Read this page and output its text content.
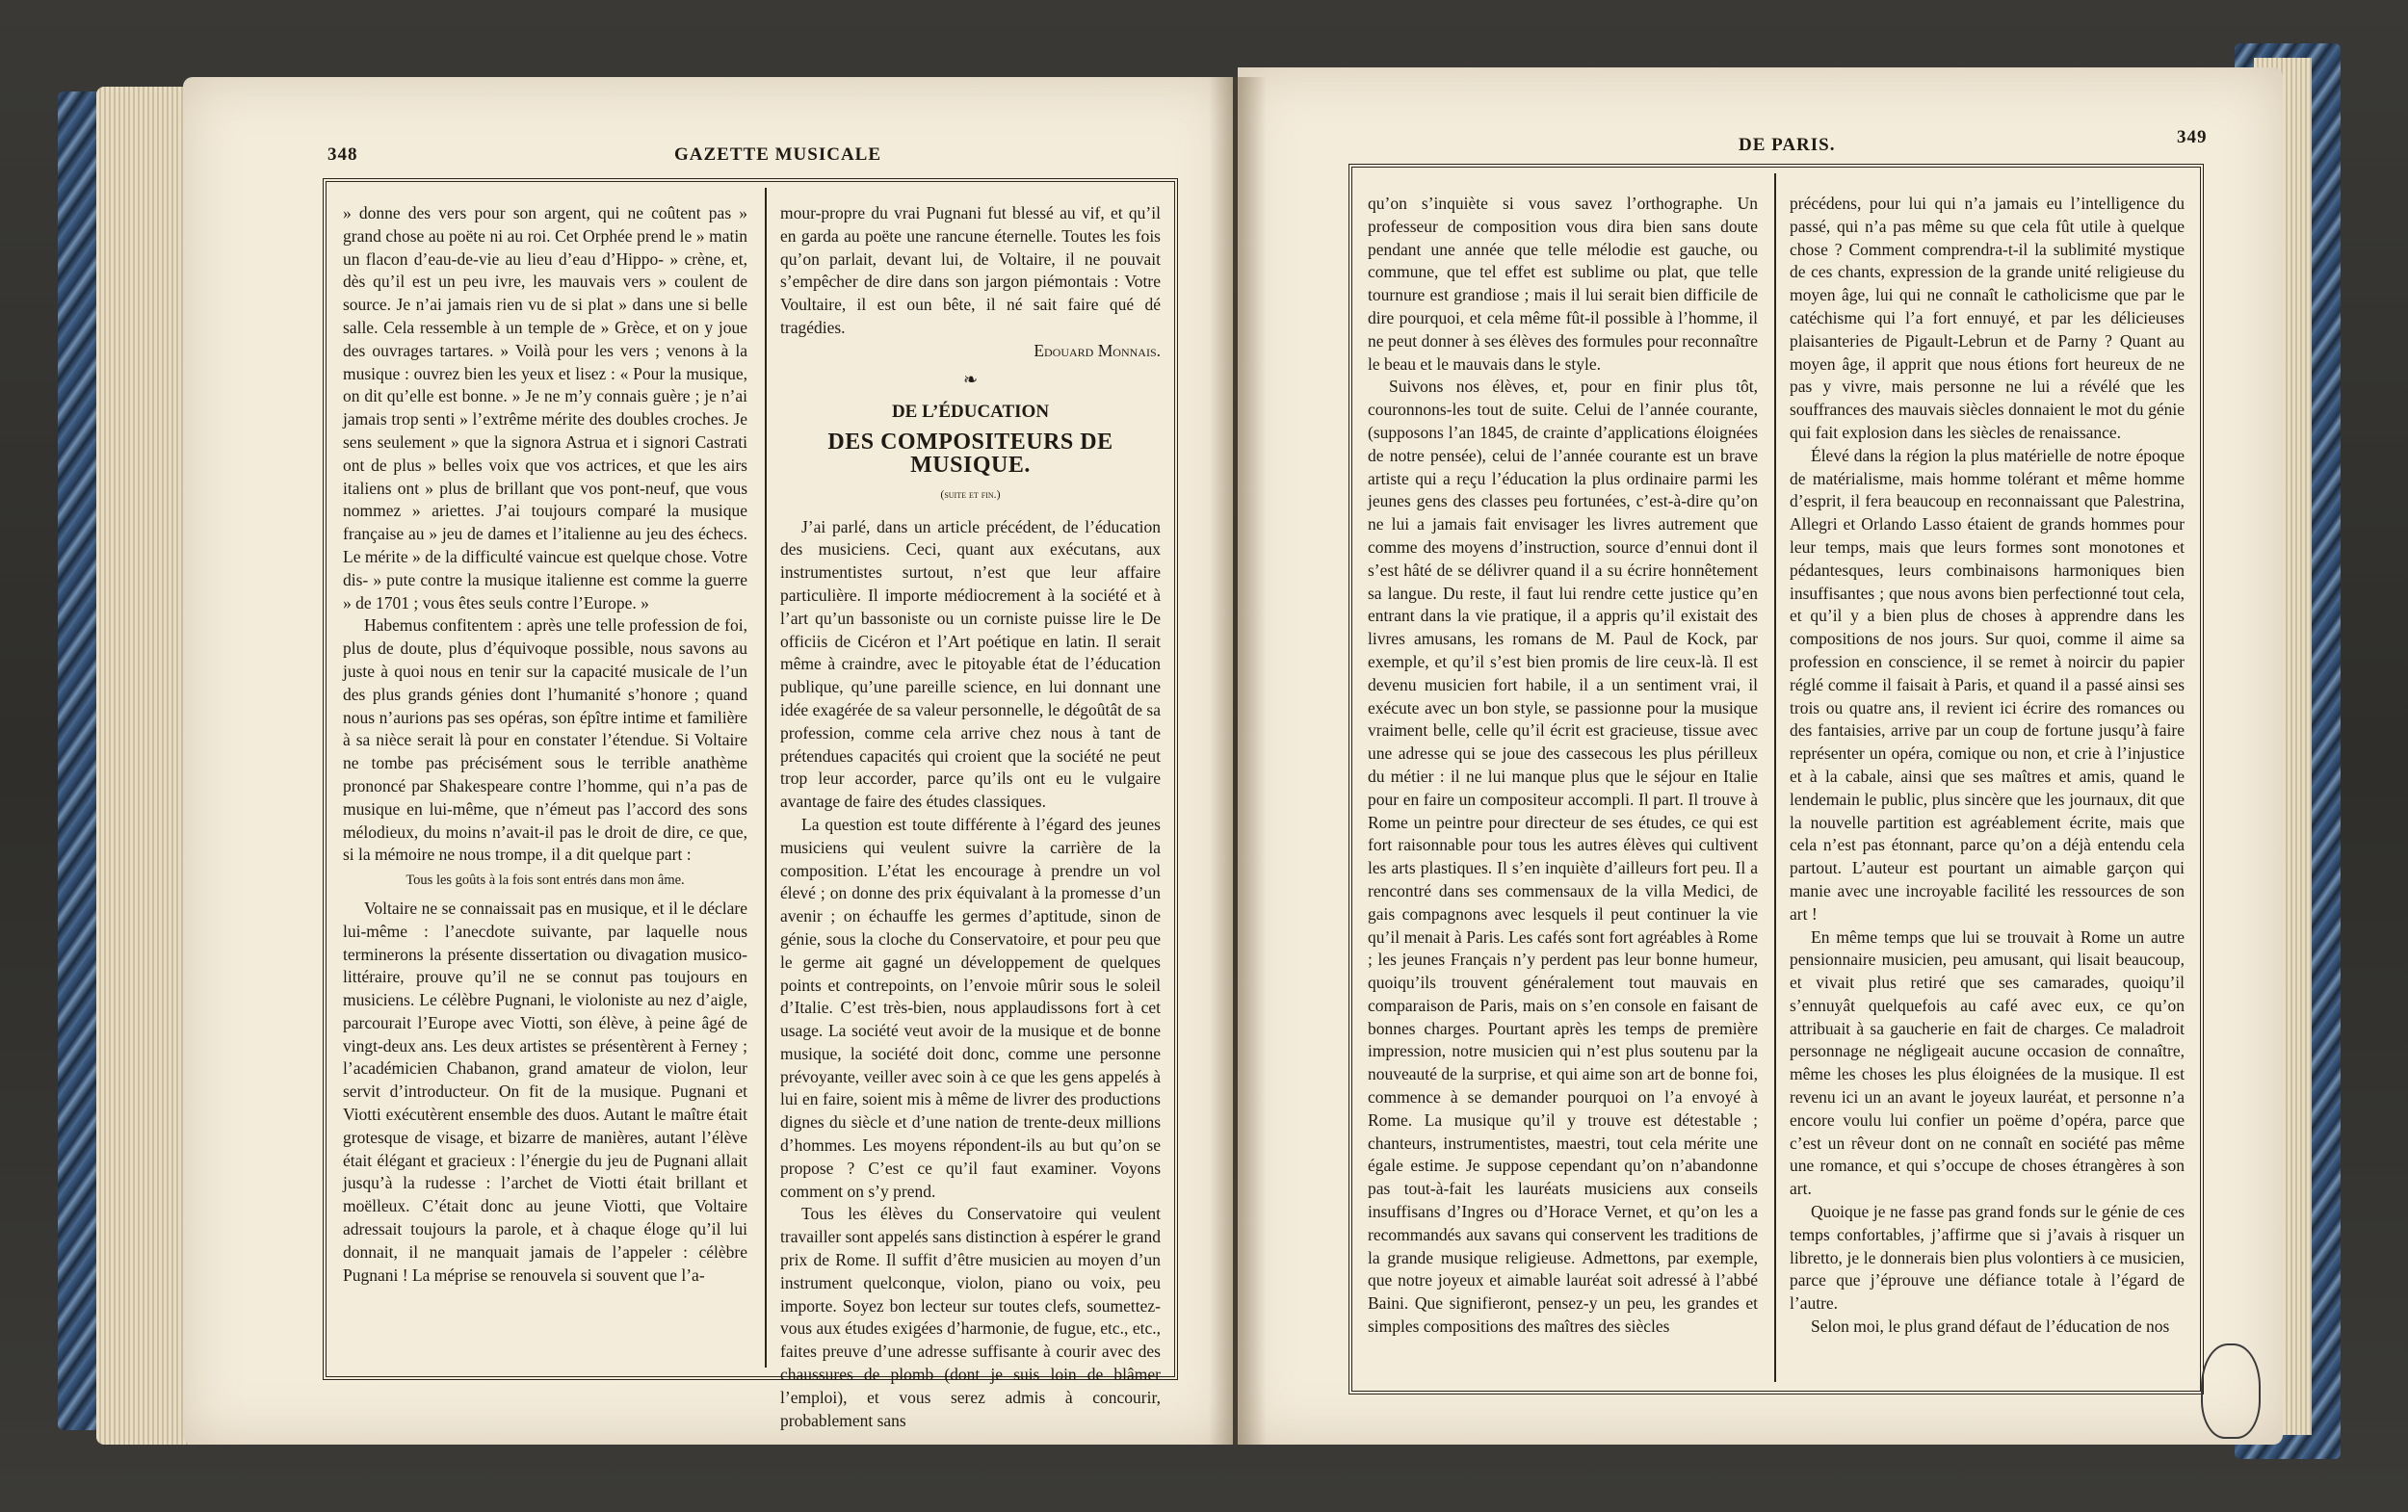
348	GAZETTE MUSICALE	DE PARIS.	349

» donne des vers pour son argent, qui ne coûtent pas » grand chose au poëte ni au roi. Cet Orphée prend le » matin un flacon d’eau-de-vie au lieu d’eau d’Hippo- » crène, et, dès qu’il est un peu ivre, les mauvais vers » coulent de source. Je n’ai jamais rien vu de si plat » dans une si belle salle. Cela ressemble à un temple de » Grèce, et on y joue des ouvrages tartares. » Voilà pour les vers ; venons à la musique : ouvrez bien les yeux et lisez : « Pour la musique, on dit qu’elle est bonne. » Je ne m’y connais guère ; je n’ai jamais trop senti » l’extrême mérite des doubles croches. Je sens seulement » que la signora Astrua et i signori Castrati ont de plus » belles voix que vos actrices, et que les airs italiens ont » plus de brillant que vos pont-neuf, que vous nommez » ariettes. J’ai toujours comparé la musique française au » jeu de dames et l’italienne au jeu des échecs. Le mérite » de la difficulté vaincue est quelque chose. Votre dis- » pute contre la musique italienne est comme la guerre » de 1701 ; vous êtes seuls contre l’Europe. »

Habemus confitentem : après une telle profession de foi, plus de doute, plus d’équivoque possible, nous savons au juste à quoi nous en tenir sur la capacité musicale de l’un des plus grands génies dont l’humanité s’honore ; quand nous n’aurions pas ses opéras, son épître intime et familière à sa nièce serait là pour en constater l’étendue. Si Voltaire ne tombe pas précisément sous le terrible anathème prononcé par Shakespeare contre l’homme, qui n’a pas de musique en lui-même, que n’émeut pas l’accord des sons mélodieux, du moins n’avait-il pas le droit de dire, ce que, si la mémoire ne nous trompe, il a dit quelque part :

Tous les goûts à la fois sont entrés dans mon âme.

Voltaire ne se connaissait pas en musique, et il le déclare lui-même : l’anecdote suivante, par laquelle nous terminerons la présente dissertation ou divagation musico-littéraire, prouve qu’il ne se connut pas toujours en musiciens. Le célèbre Pugnani, le violoniste au nez d’aigle, parcourait l’Europe avec Viotti, son élève, à peine âgé de vingt-deux ans. Les deux artistes se présentèrent à Ferney ; l’académicien Chabanon, grand amateur de violon, leur servit d’introducteur. On fit de la musique. Pugnani et Viotti exécutèrent ensemble des duos. Autant le maître était grotesque de visage, et bizarre de manières, autant l’élève était élégant et gracieux : l’énergie du jeu de Pugnani allait jusqu’à la rudesse : l’archet de Viotti était brillant et moëlleux. C’était donc au jeune Viotti, que Voltaire adressait toujours la parole, et à chaque éloge qu’il lui donnait, il ne manquait jamais de l’appeler : célèbre Pugnani ! La méprise se renouvela si souvent que l’a-

mour-propre du vrai Pugnani fut blessé au vif, et qu’il en garda au poëte une rancune éternelle. Toutes les fois qu’on parlait, devant lui, de Voltaire, il ne pouvait s’empêcher de dire dans son jargon piémontais : Votre Voultaire, il est oun bête, il né sait faire qué dé tragédies.

Edouard Monnais.

❧

DE L’ÉDUCATION

DES COMPOSITEURS DE MUSIQUE.

(suite et fin.)

J’ai parlé, dans un article précédent, de l’éducation des musiciens. Ceci, quant aux exécutans, aux instrumentistes surtout, n’est que leur affaire particulière. Il importe médiocrement à la société et à l’art qu’un bassoniste ou un corniste puisse lire le De officiis de Cicéron et l’Art poétique en latin. Il serait même à craindre, avec le pitoyable état de l’éducation publique, qu’une pareille science, en lui donnant une idée exagérée de sa valeur personnelle, le dégoûtât de sa profession, comme cela arrive chez nous à tant de prétendues capacités qui croient que la société ne peut trop leur accorder, parce qu’ils ont eu le vulgaire avantage de faire des études classiques.

La question est toute différente à l’égard des jeunes musiciens qui veulent suivre la carrière de la composition. L’état les encourage à prendre un vol élevé ; on donne des prix équivalant à la promesse d’un avenir ; on échauffe les germes d’aptitude, sinon de génie, sous la cloche du Conservatoire, et pour peu que le germe ait gagné un développement de quelques points et contrepoints, on l’envoie mûrir sous le soleil d’Italie. C’est très-bien, nous applaudissons fort à cet usage. La société veut avoir de la musique et de bonne musique, la société doit donc, comme une personne prévoyante, veiller avec soin à ce que les gens appelés à lui en faire, soient mis à même de livrer des productions dignes du siècle et d’une nation de trente-deux millions d’hommes. Les moyens répondent-ils au but qu’on se propose ? C’est ce qu’il faut examiner. Voyons comment on s’y prend.

Tous les élèves du Conservatoire qui veulent travailler sont appelés sans distinction à espérer le grand prix de Rome. Il suffit d’être musicien au moyen d’un instrument quelconque, violon, piano ou voix, peu importe. Soyez bon lecteur sur toutes clefs, soumettez-vous aux études exigées d’harmonie, de fugue, etc., etc., faites preuve d’une adresse suffisante à courir avec des chaussures de plomb (dont je suis loin de blâmer l’emploi), et vous serez admis à concourir, probablement sans

qu’on s’inquiète si vous savez l’orthographe. Un professeur de composition vous dira bien sans doute pendant une année que telle mélodie est gauche, ou commune, que tel effet est sublime ou plat, que telle tournure est grandiose ; mais il lui serait bien difficile de dire pourquoi, et cela même fût-il possible à l’homme, il ne peut donner à ses élèves des formules pour reconnaître le beau et le mauvais dans le style.

Suivons nos élèves, et, pour en finir plus tôt, couronnons-les tout de suite. Celui de l’année courante, (supposons l’an 1845, de crainte d’applications éloignées de notre pensée), celui de l’année courante est un brave artiste qui a reçu l’éducation la plus ordinaire parmi les jeunes gens des classes peu fortunées, c’est-à-dire qu’on ne lui a jamais fait envisager les livres autrement que comme des moyens d’instruction, source d’ennui dont il s’est hâté de se délivrer quand il a su écrire honnêtement sa langue. Du reste, il faut lui rendre cette justice qu’en entrant dans la vie pratique, il a appris qu’il existait des livres amusans, les romans de M. Paul de Kock, par exemple, et qu’il s’est bien promis de lire ceux-là. Il est devenu musicien fort habile, il a un sentiment vrai, il exécute avec un bon style, se passionne pour la musique vraiment belle, celle qu’il écrit est gracieuse, tissue avec une adresse qui se joue des cassecous les plus périlleux du métier : il ne lui manque plus que le séjour en Italie pour en faire un compositeur accompli. Il part. Il trouve à Rome un peintre pour directeur de ses études, ce qui est fort raisonnable pour tous les autres élèves qui cultivent les arts plastiques. Il s’en inquiète d’ailleurs fort peu. Il a rencontré dans ses commensaux de la villa Medici, de gais compagnons avec lesquels il peut continuer la vie qu’il menait à Paris. Les cafés sont fort agréables à Rome ; les jeunes Français n’y perdent pas leur bonne humeur, quoiqu’ils trouvent généralement tout mauvais en comparaison de Paris, mais on s’en console en faisant de bonnes charges. Pourtant après les temps de première impression, notre musicien qui n’est plus soutenu par la nouveauté de la surprise, et qui aime son art de bonne foi, commence à se demander pourquoi on l’a envoyé à Rome. La musique qu’il y trouve est détestable ; chanteurs, instrumentistes, maestri, tout cela mérite une égale estime. Je suppose cependant qu’on n’abandonne pas tout-à-fait les lauréats musiciens aux conseils insuffisans d’Ingres ou d’Horace Vernet, et qu’on les a recommandés aux savans qui conservent les traditions de la grande musique religieuse. Admettons, par exemple, que notre joyeux et aimable lauréat soit adressé à l’abbé Baini. Que signifieront, pensez-y un peu, les grandes et simples compositions des maîtres des siècles

précédens, pour lui qui n’a jamais eu l’intelligence du passé, qui n’a pas même su que cela fût utile à quelque chose ? Comment comprendra-t-il la sublimité mystique de ces chants, expression de la grande unité religieuse du moyen âge, lui qui ne connaît le catholicisme que par le catéchisme qui l’a fort ennuyé, et par les délicieuses plaisanteries de Pigault-Lebrun et de Parny ? Quant au moyen âge, il apprit que nous étions fort heureux de ne pas y vivre, mais personne ne lui a révélé que les souffrances des mauvais siècles donnaient le mot du génie qui fait explosion dans les siècles de renaissance.

Élevé dans la région la plus matérielle de notre époque de matérialisme, mais homme tolérant et même homme d’esprit, il fera beaucoup en reconnaissant que Palestrina, Allegri et Orlando Lasso étaient de grands hommes pour leur temps, mais que leurs formes sont monotones et pédantesques, leurs combinaisons harmoniques bien insuffisantes ; que nous avons bien perfectionné tout cela, et qu’il y a bien plus de choses à apprendre dans les compositions de nos jours. Sur quoi, comme il aime sa profession en conscience, il se remet à noircir du papier réglé comme il faisait à Paris, et quand il a passé ainsi ses trois ou quatre ans, il revient ici écrire des romances ou des fantaisies, arrive par un coup de fortune jusqu’à faire représenter un opéra, comique ou non, et crie à l’injustice et à la cabale, ainsi que ses maîtres et amis, quand le lendemain le public, plus sincère que les journaux, dit que la nouvelle partition est agréablement écrite, mais que cela n’est pas étonnant, parce qu’on a déjà entendu cela partout. L’auteur est pourtant un aimable garçon qui manie avec une incroyable facilité les ressources de son art !

En même temps que lui se trouvait à Rome un autre pensionnaire musicien, peu amusant, qui lisait beaucoup, et vivait plus retiré que ses camarades, quoiqu’il s’ennuyât quelquefois au café avec eux, ce qu’on attribuait à sa gaucherie en fait de charges. Ce maladroit personnage ne négligeait aucune occasion de connaître, même les choses les plus éloignées de la musique. Il est revenu ici un an avant le joyeux lauréat, et personne n’a encore voulu lui confier un poëme d’opéra, parce que c’est un rêveur dont on ne connaît en société pas même une romance, et qui s’occupe de choses étrangères à son art.

Quoique je ne fasse pas grand fonds sur le génie de ces temps confortables, j’affirme que si j’avais à risquer un libretto, je le donnerais bien plus volontiers à ce musicien, parce que j’éprouve une défiance totale à l’égard de l’autre.

Selon moi, le plus grand défaut de l’éducation de nos
